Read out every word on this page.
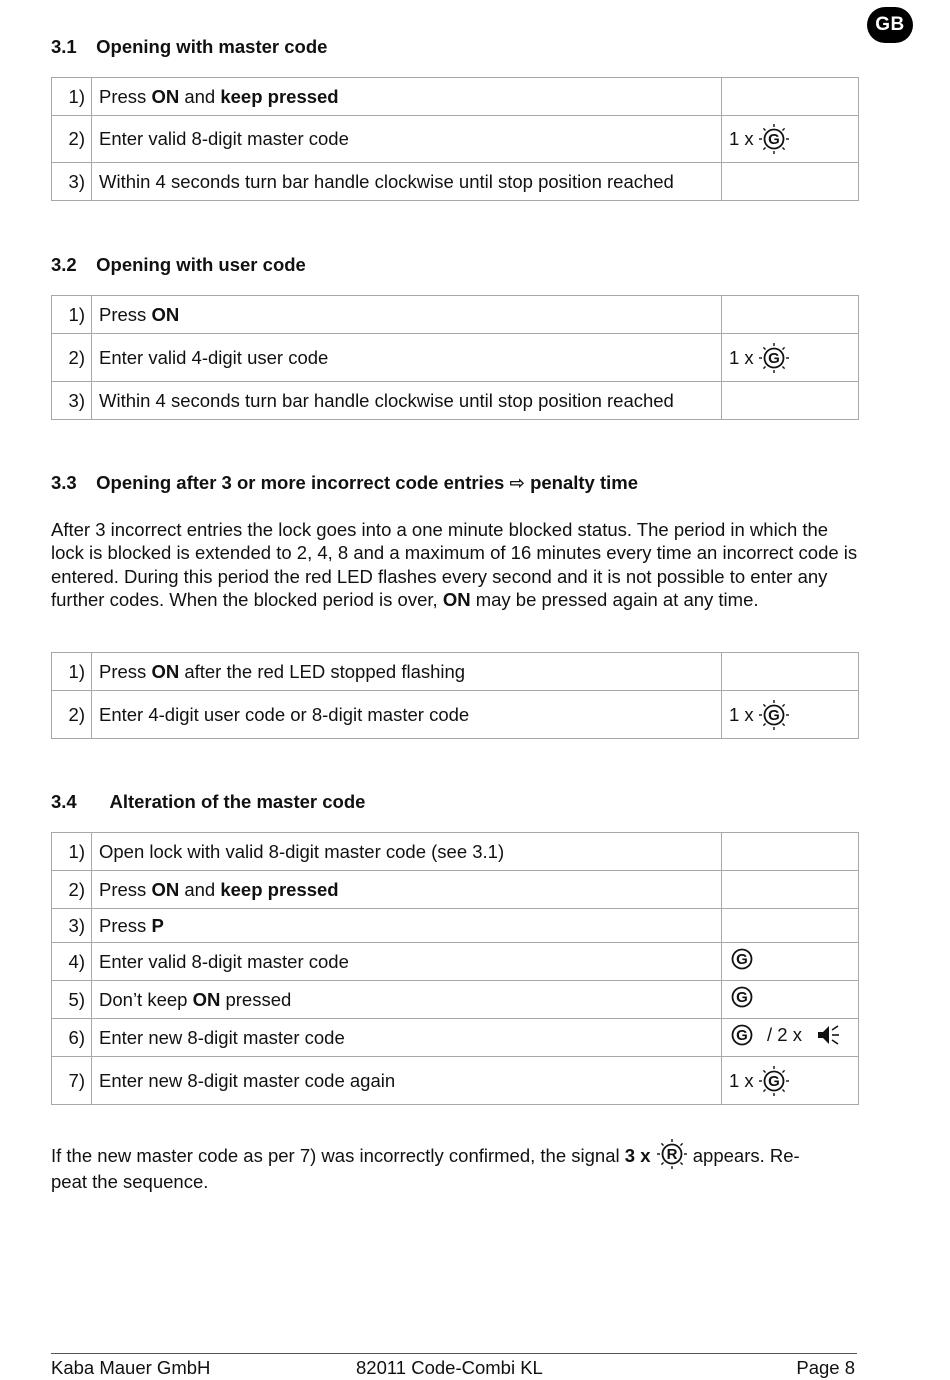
GB
3.1 Opening with master code
1)	Press ON and keep pressed	
2)	Enter valid 8-digit master code	1 x G

3)	Within 4 seconds turn bar handle clockwise until stop position reached	
3.2 Opening with user code
1)	Press ON	
2)	Enter valid 4-digit user code	1 x G

3)	Within 4 seconds turn bar handle clockwise until stop position reached	
3.3 Opening after 3 or more incorrect code entries ⇨ penalty time

After 3 incorrect entries the lock goes into a one minute blocked status. The period in which the lock is blocked is extended to 2, 4, 8 and a maximum of 16 minutes every time an incorrect code is entered. During this period the red LED flashes every second and it is not possible to enter any further codes. When the blocked period is over, ON may be pressed again at any time.

1)	Press ON after the red LED stopped flashing	
2)	Enter 4-digit user code or 8-digit master code	1 x G
3.4 Alteration of the master code
1)	Open lock with valid 8-digit master code (see 3.1)	
2)	Press ON and keep pressed	
3)	Press P	
4)	Enter valid 8-digit master code	G

5)	Don’t keep ON pressed	G

6)	Enter new 8-digit master code	G / 2 x

7)	Enter new 8-digit master code again	1 x G

If the new master code as per 7) was incorrectly confirmed, the signal 3 x R appears. Re-
peat the sequence.

Kaba Mauer GmbH	82011 Code-Combi KL	Page 8
